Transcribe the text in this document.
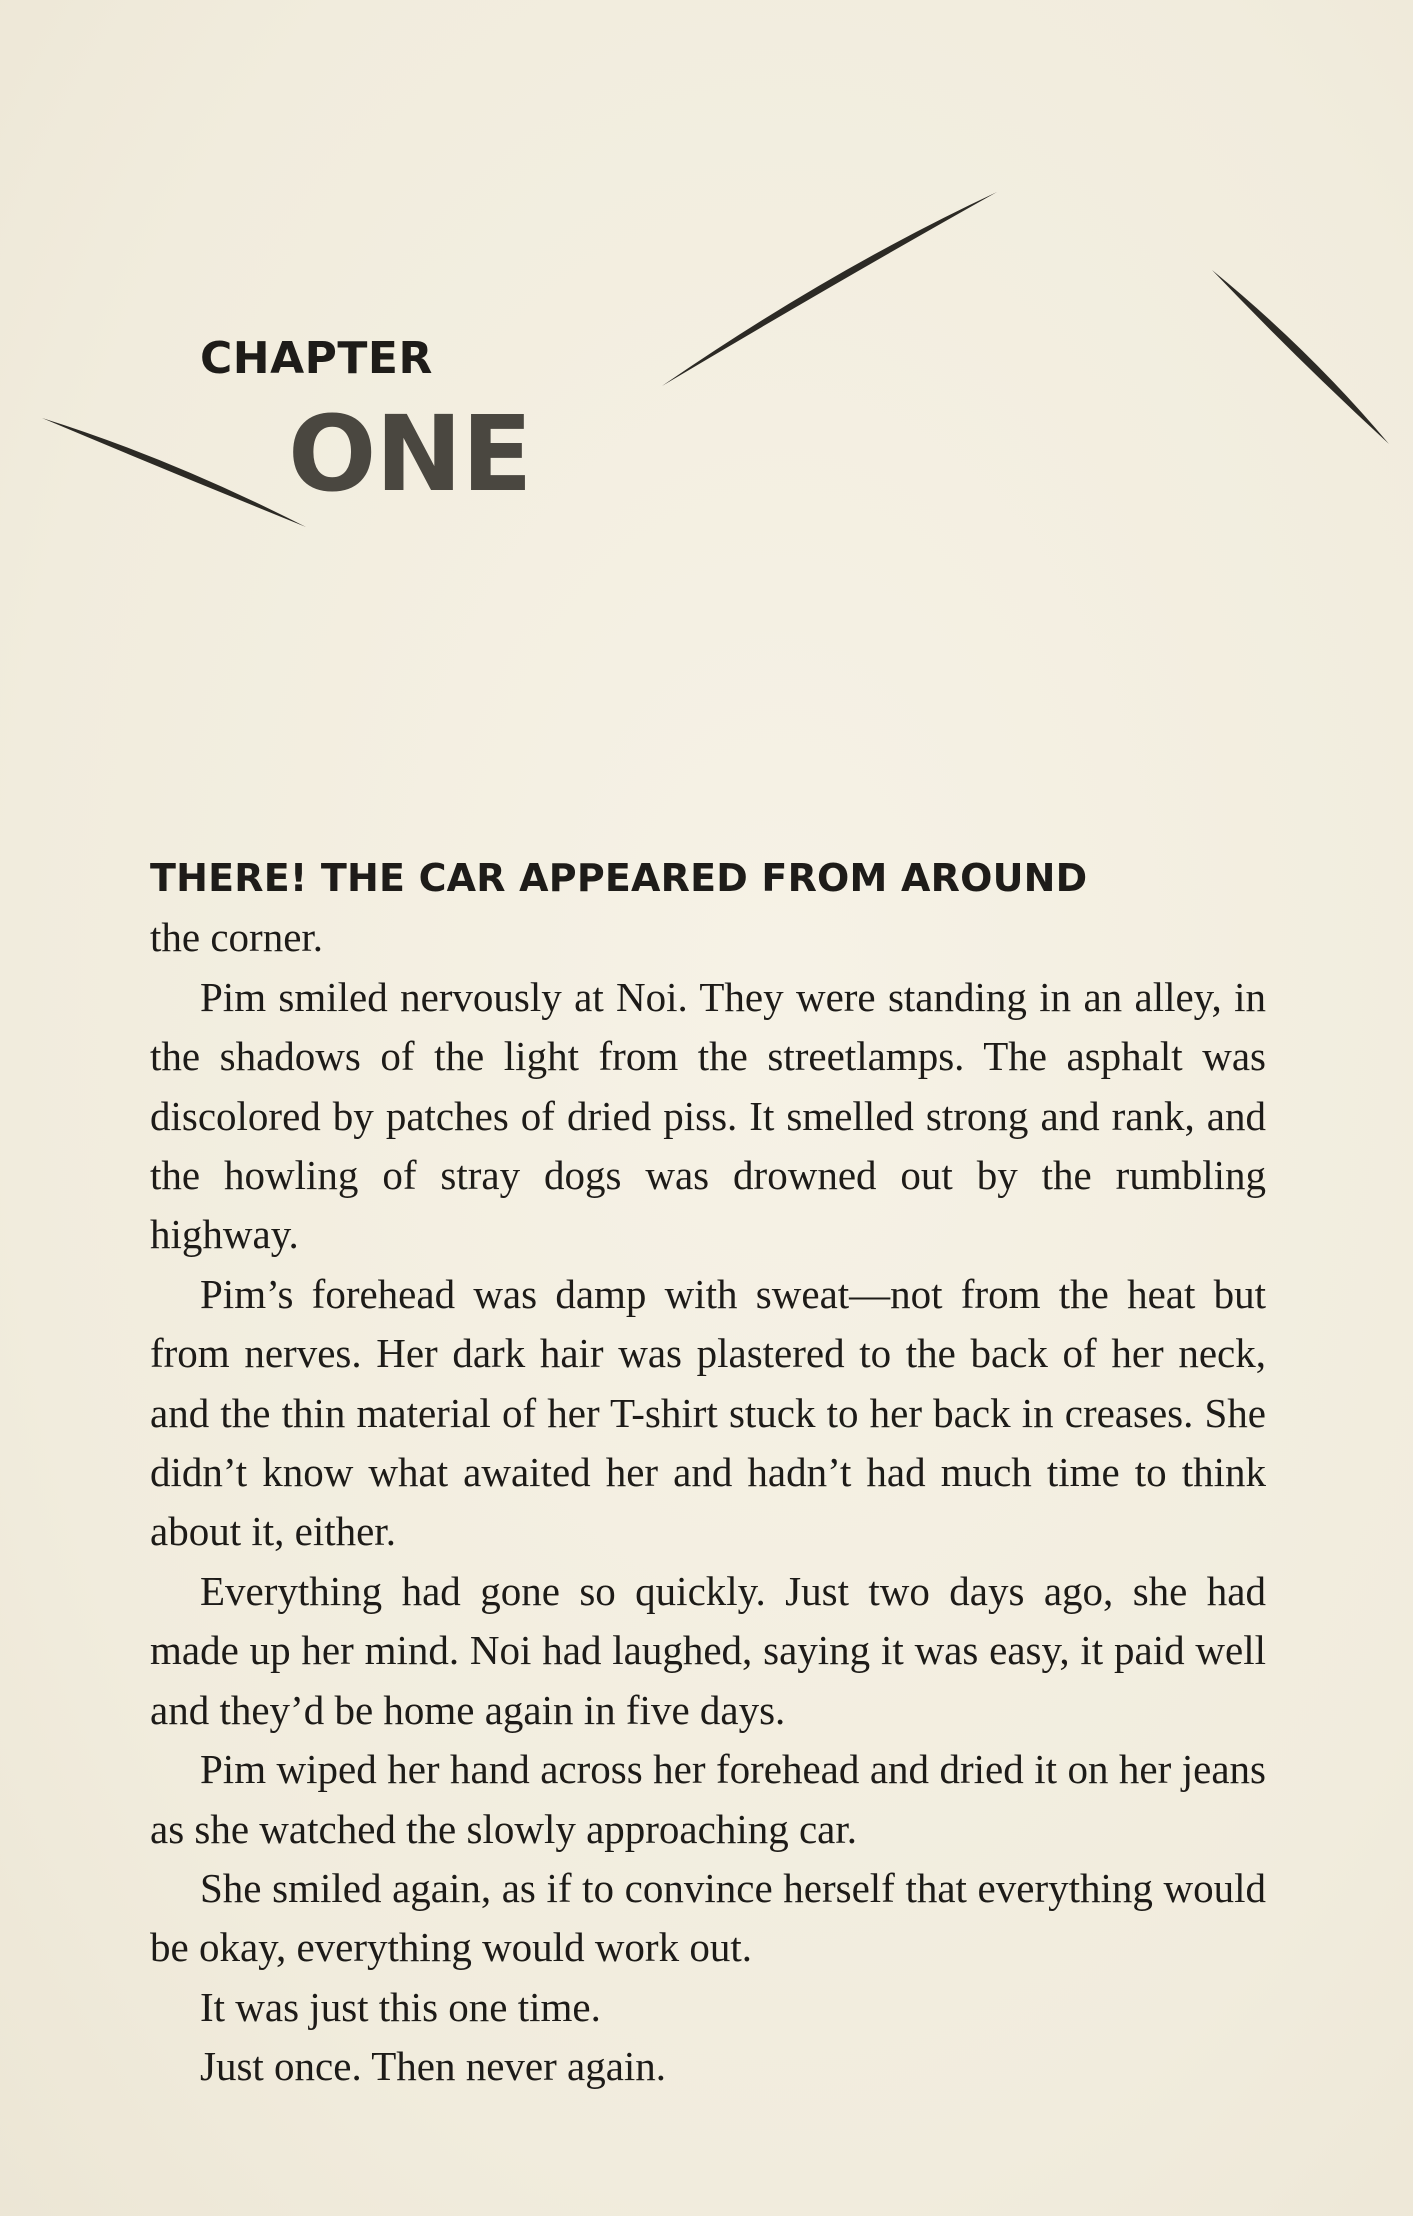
CHAPTER
ONE

THERE! THE CAR APPEARED FROM AROUND
the corner.

Pim smiled nervously at Noi. They were standing in an alley, in the shadows of the light from the streetlamps. The asphalt was discolored by patches of dried piss. It smelled strong and rank, and the howling of stray dogs was drowned out by the rumbling highway.

Pim’s forehead was damp with sweat—not from the heat but from nerves. Her dark hair was plastered to the back of her neck, and the thin material of her T-shirt stuck to her back in creases. She didn’t know what awaited her and hadn’t had much time to think about it, either.

Everything had gone so quickly. Just two days ago, she had made up her mind. Noi had laughed, saying it was easy, it paid well and they’d be home again in five days.

Pim wiped her hand across her forehead and dried it on her jeans as she watched the slowly approaching car.

She smiled again, as if to convince herself that everything would be okay, everything would work out.

It was just this one time.

Just once. Then never again.
